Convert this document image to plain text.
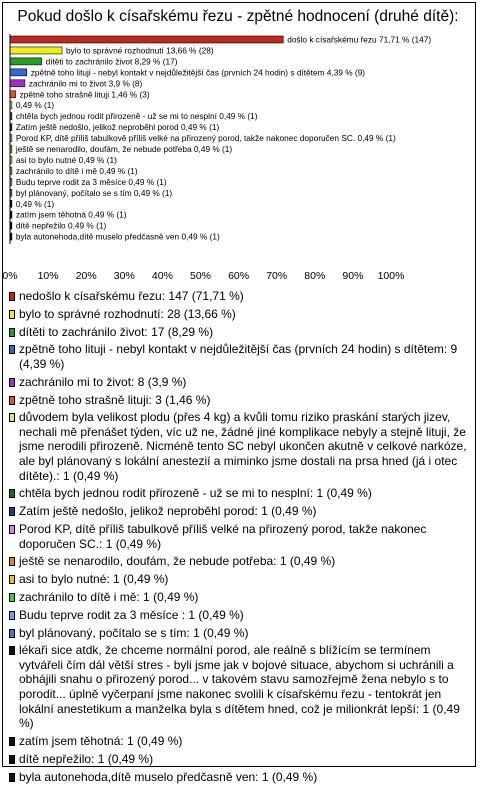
Pokud došlo k císařskému řezu - zpětné hodnocení (druhé dítě):
došlo k císařskému řezu 71,71 % (147)
bylo to správné rozhodnutí 13,66 % (28)
dítěti to zachránilo život 8,29 % (17)
zpětně toho lituji - nebyl kontakt v nejdůležitější čas (prvních 24 hodin) s dítětem 4,39 % (9)
zachránilo mi to život 3,9 % (8)
zpětně toho strašně lituji 1,46 % (3)
0,49 % (1)
chtěla bych jednou rodit přirozeně - už se mi to nesplní 0,49 % (1)
Zatím ještě nedošlo, jelikož neproběhl porod 0,49 % (1)
Porod KP, dítě příliš tabulkově příliš velké na přirozený porod, takže nakonec doporučen SC. 0,49 % (1)
ještě se nenarodilo, doufám, že nebude potřeba 0,49 % (1)
asi to bylo nutné 0,49 % (1)
zachránilo to dítě i mě 0,49 % (1)
Budu teprve rodit za 3 měsíce 0,49 % (1)
byl plánovaný, počítalo se s tím 0,49 % (1)
0,49 % (1)
zatím jsem těhotná 0,49 % (1)
dítě nepřežilo 0,49 % (1)
byla autonehoda,dítě muselo předčasně ven 0,49 % (1)
0% 10% 20% 30% 40% 50% 60% 70% 80% 90% 100%
nedošlo k císařskému řezu: 147 (71,71 %)
bylo to správné rozhodnutí: 28 (13,66 %)
dítěti to zachránilo život: 17 (8,29 %)
zpětně toho lituji - nebyl kontakt v nejdůležitější čas (prvních 24 hodin) s dítětem: 9 (4,39 %)
zachránilo mi to život: 8 (3,9 %)
zpětně toho strašně lituji: 3 (1,46 %)
důvodem byla velikost plodu (přes 4 kg) a kvůli tomu riziko praskání starých jizev, nechali mě přenášet týden, víc už ne, žádné jiné komplikace nebyly a stejně lituji, že jsme nerodili přirozeně. Nicméně tento SC nebyl ukončen akutně v celkové narkóze, ale byl plánovaný s lokální anestezií a miminko jsme dostali na prsa hned (já i otec dítěte).: 1 (0,49 %)
chtěla bych jednou rodit přirozeně - už se mi to nesplní: 1 (0,49 %)
Zatím ještě nedošlo, jelikož neproběhl porod: 1 (0,49 %)
Porod KP, dítě příliš tabulkově příliš velké na přirozený porod, takže nakonec doporučen SC.: 1 (0,49 %)
ještě se nenarodilo, doufám, že nebude potřeba: 1 (0,49 %)
asi to bylo nutné: 1 (0,49 %)
zachránilo to dítě i mě: 1 (0,49 %)
Budu teprve rodit za 3 měsíce : 1 (0,49 %)
byl plánovaný, počítalo se s tím: 1 (0,49 %)
lékaři sice atdk, že chceme normální porod, ale reálně s blížícím se termínem vytvářeli čím dál větší stres - byli jsme jak v bojové situace, abychom si uchránili a obhájili snahu o přirozený porod... v takovém stavu samozřejmě žena nebylo s to porodit... úplně vyčerpaní jsme nakonec svolili k císařskému řezu - tentokrát jen lokální anestetikum a manželka byla s dítětem hned, což je milionkrát lepší: 1 (0,49 %)
zatím jsem těhotná: 1 (0,49 %)
dítě nepřežilo: 1 (0,49 %)
byla autonehoda,dítě muselo předčasně ven: 1 (0,49 %)
